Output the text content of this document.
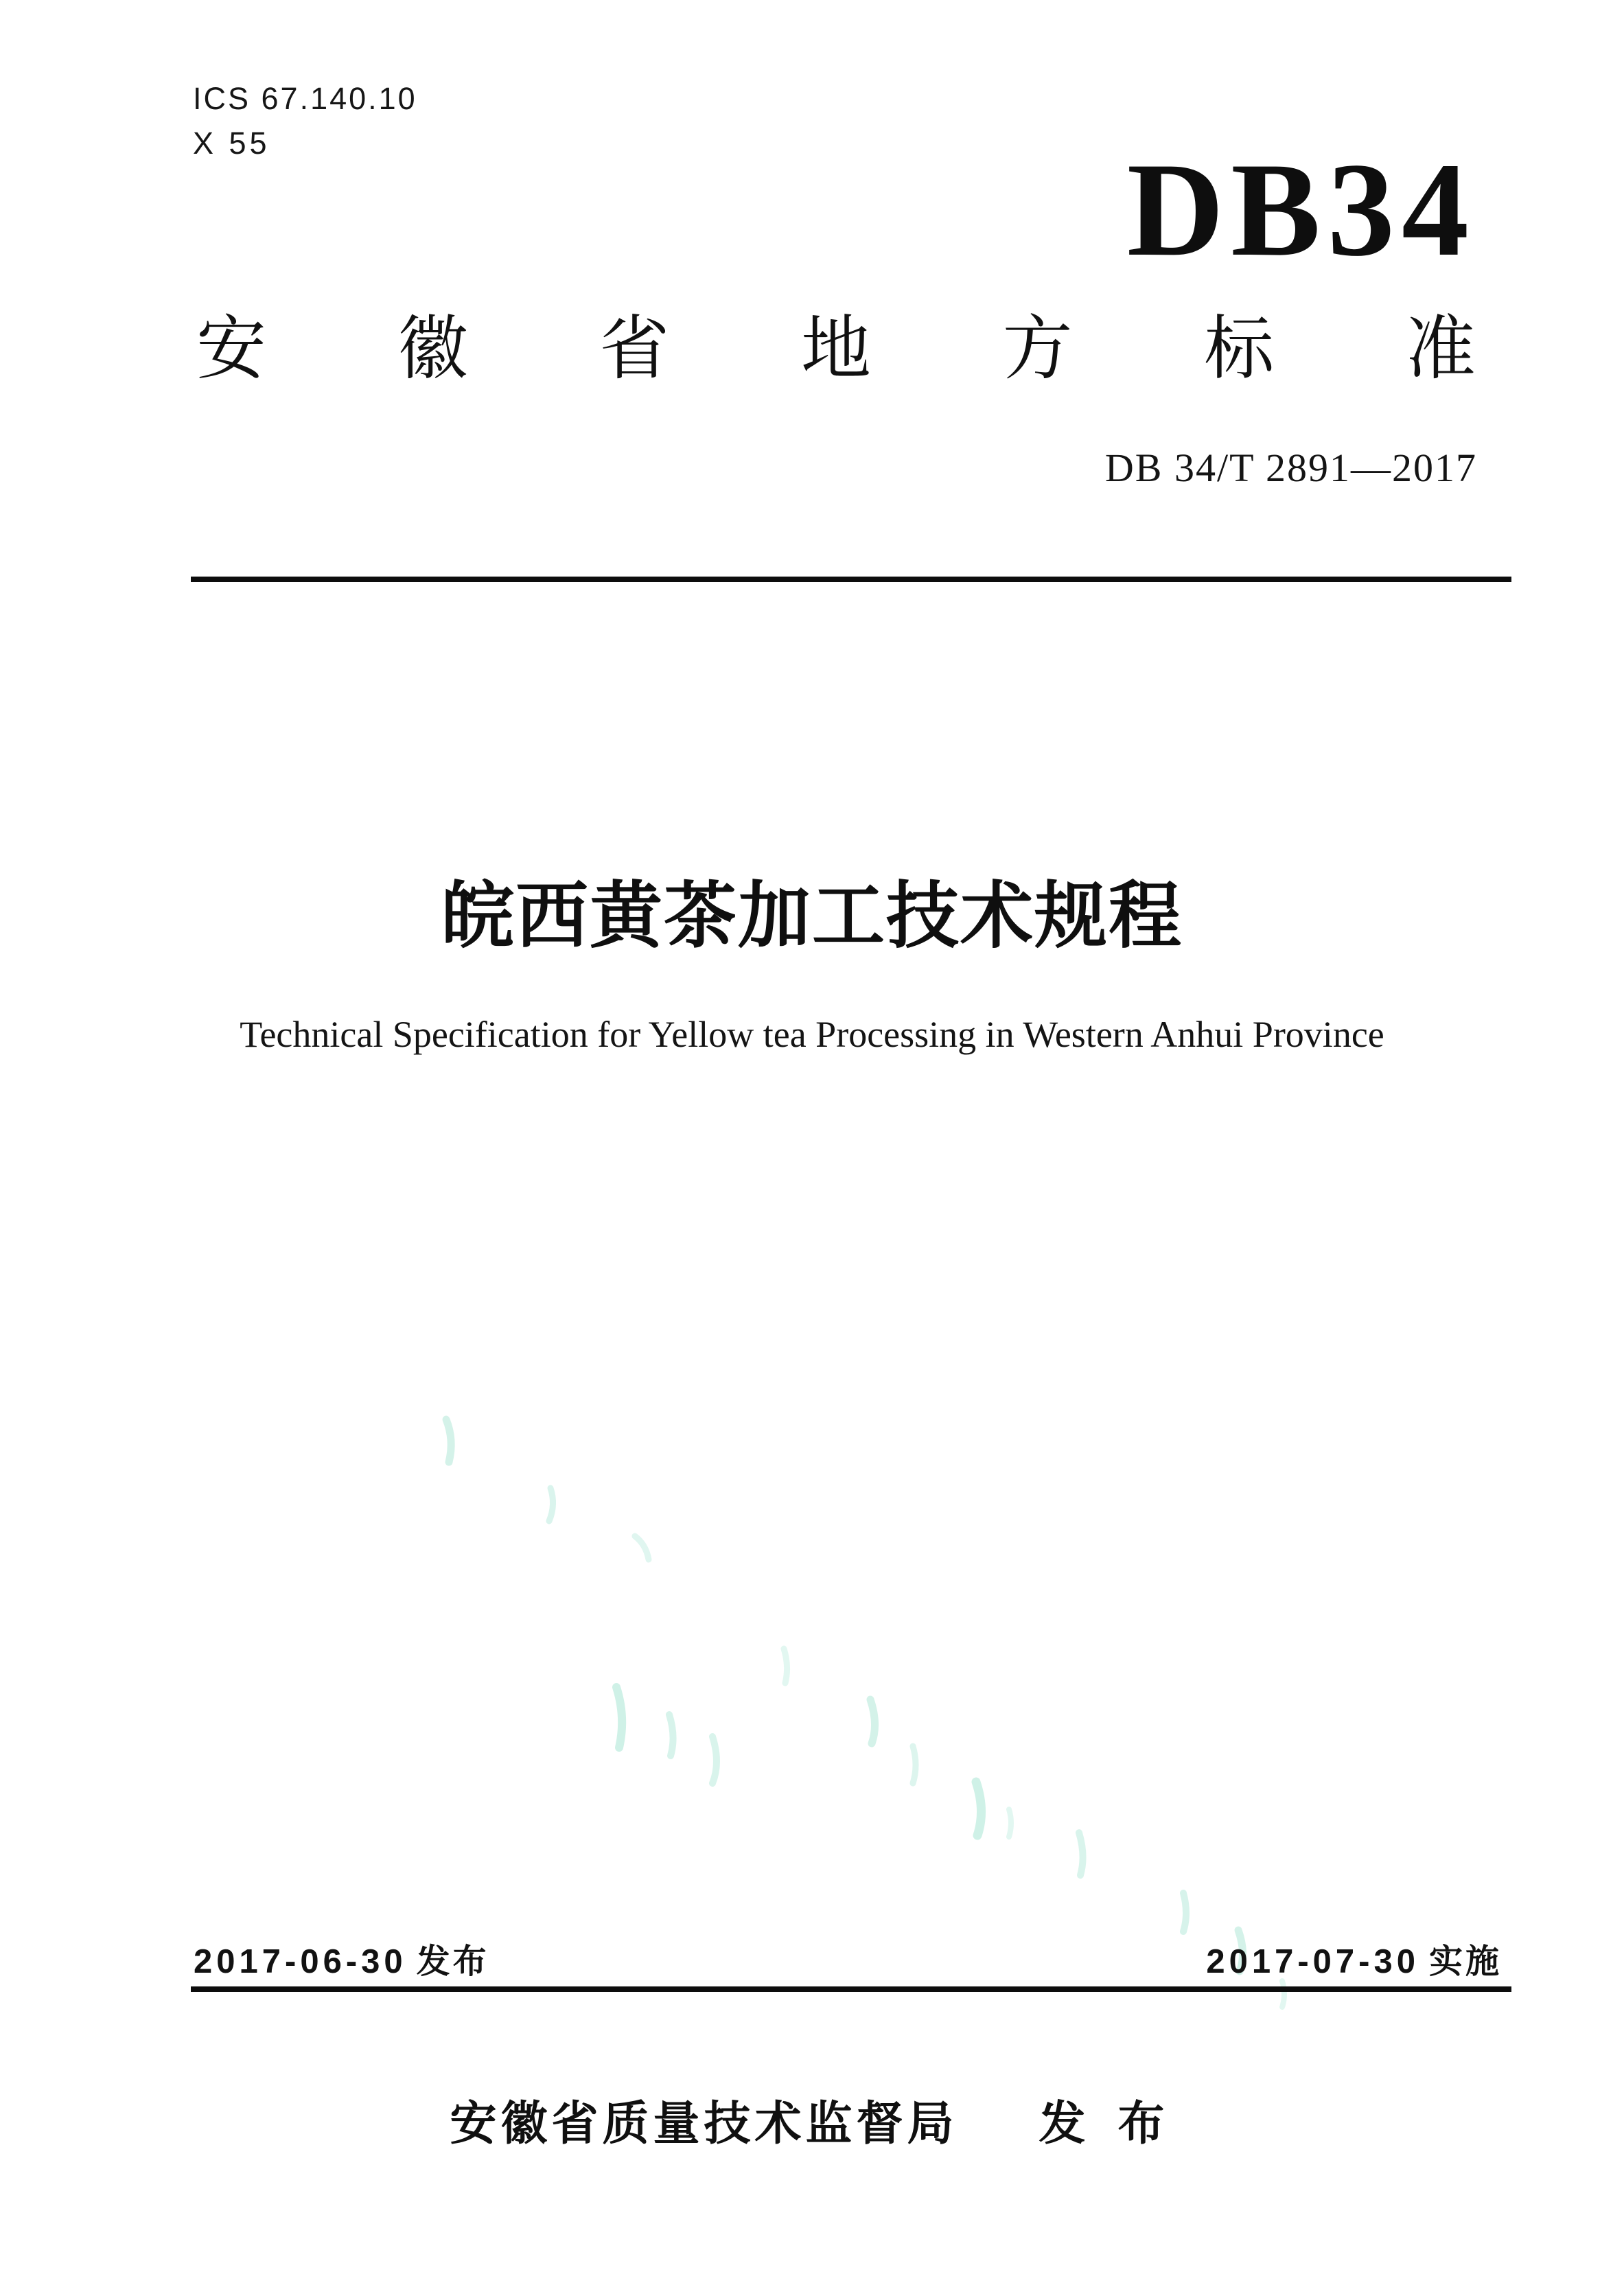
ICS 67.140.10
X 55	DB34
安 徽 省 地 方 标 准
DB 34/T 2891—2017
皖西黄茶加工技术规程
Technical Specification for Yellow tea Processing in Western Anhui Province
2017-06-30 发布	2017-07-30 实施
安徽省质量技术监督局 发 布
